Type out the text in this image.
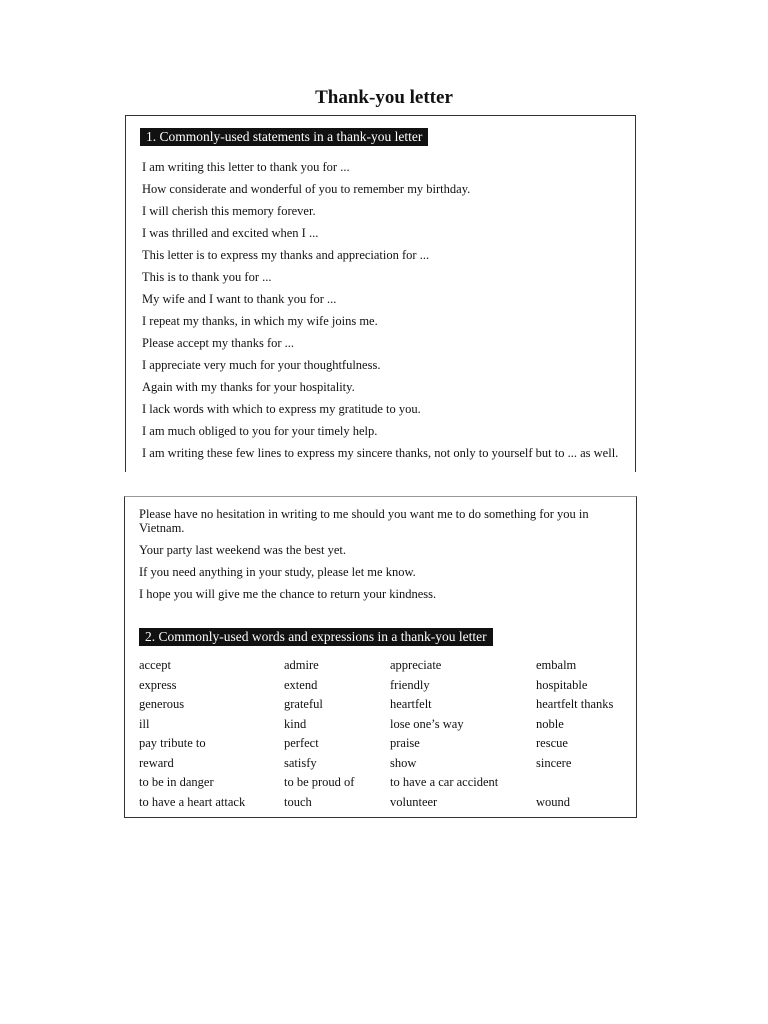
Thank-you letter
1. Commonly-used statements in a thank-you letter

I am writing this letter to thank you for ...

How considerate and wonderful of you to remember my birthday.

I will cherish this memory forever.

I was thrilled and excited when I ...

This letter is to express my thanks and appreciation for ...

This is to thank you for ...

My wife and I want to thank you for ...

I repeat my thanks, in which my wife joins me.

Please accept my thanks for ...

I appreciate very much for your thoughtfulness.

Again with my thanks for your hospitality.

I lack words with which to express my gratitude to you.

I am much obliged to you for your timely help.

I am writing these few lines to express my sincere thanks, not only to yourself but to ... as well.

Please have no hesitation in writing to me should you want me to do something for you in Vietnam.

Your party last weekend was the best yet.

If you need anything in your study, please let me know.

I hope you will give me the chance to return your kindness.

2. Commonly-used words and expressions in a thank-you letter
accept	admire	appreciate	embalm
express	extend	friendly	hospitable
generous	grateful	heartfelt	heartfelt thanks
ill	kind	lose one’s way	noble
pay tribute to	perfect	praise	rescue
reward	satisfy	show	sincere
to be in danger	to be proud of	to have a car accident
to have a heart attack	touch	volunteer	wound
